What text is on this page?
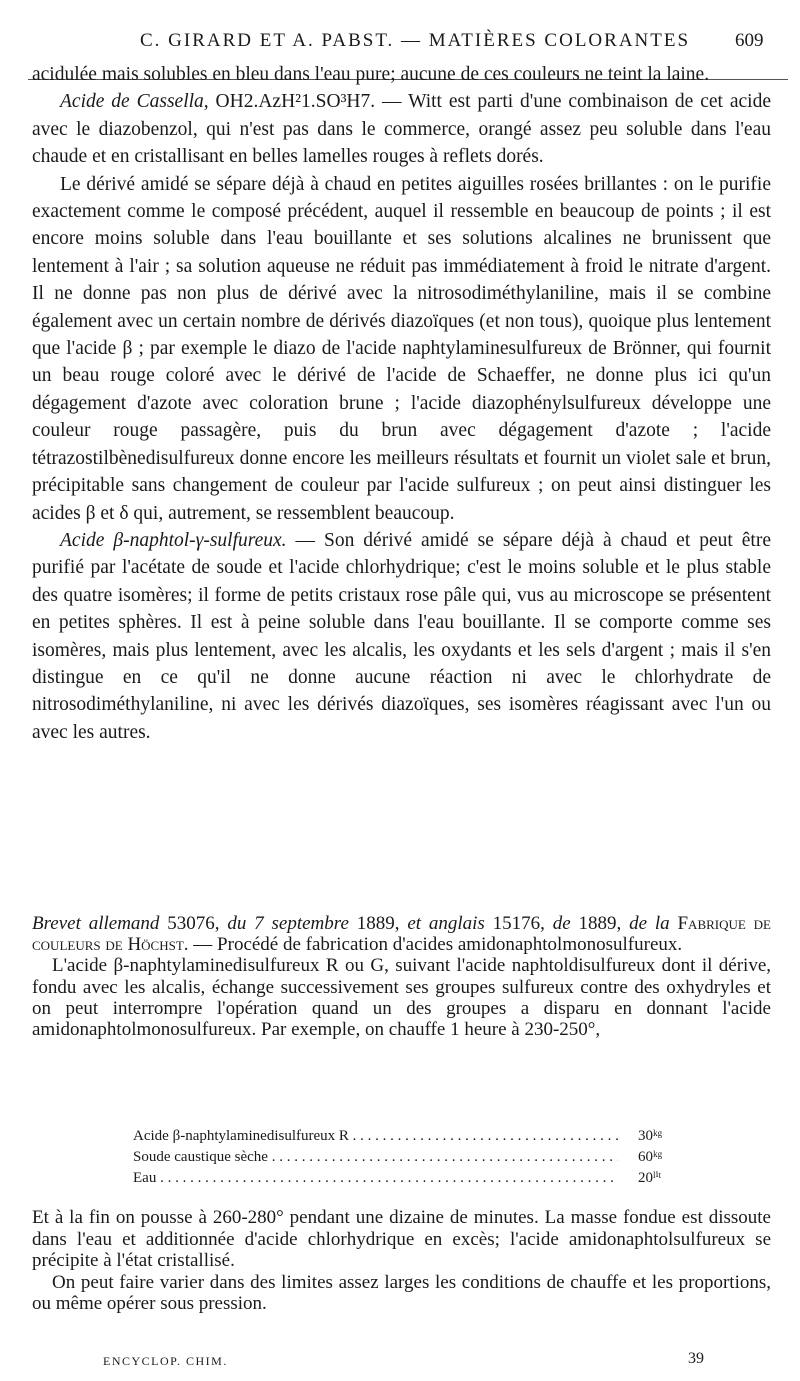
C. GIRARD ET A. PABST. — MATIÈRES COLORANTES 609

acidulée mais solubles en bleu dans l'eau pure; aucune de ces couleurs ne teint la laine.

Acide de Cassella, OH2.AzH²1.SO³H7. — Witt est parti d'une combinaison de cet acide avec le diazobenzol, qui n'est pas dans le commerce, orangé assez peu soluble dans l'eau chaude et en cristallisant en belles lamelles rouges à reflets dorés.

Le dérivé amidé se sépare déjà à chaud en petites aiguilles rosées brillantes : on le purifie exactement comme le composé précédent, auquel il ressemble en beaucoup de points ; il est encore moins soluble dans l'eau bouillante et ses solutions alcalines ne brunissent que lentement à l'air ; sa solution aqueuse ne réduit pas immédiatement à froid le nitrate d'argent. Il ne donne pas non plus de dérivé avec la nitrosodiméthylaniline, mais il se combine également avec un certain nombre de dérivés diazoïques (et non tous), quoique plus lentement que l'acide β ; par exemple le diazo de l'acide naphtylaminesulfureux de Brönner, qui fournit un beau rouge coloré avec le dérivé de l'acide de Schaeffer, ne donne plus ici qu'un dégagement d'azote avec coloration brune ; l'acide diazophénylsulfureux développe une couleur rouge passagère, puis du brun avec dégagement d'azote ; l'acide tétrazostilbènedisulfureux donne encore les meilleurs résultats et fournit un violet sale et brun, précipitable sans changement de couleur par l'acide sulfureux ; on peut ainsi distinguer les acides β et δ qui, autrement, se ressemblent beaucoup.

Acide β-naphtol-γ-sulfureux. — Son dérivé amidé se sépare déjà à chaud et peut être purifié par l'acétate de soude et l'acide chlorhydrique; c'est le moins soluble et le plus stable des quatre isomères; il forme de petits cristaux rose pâle qui, vus au microscope se présentent en petites sphères. Il est à peine soluble dans l'eau bouillante. Il se comporte comme ses isomères, mais plus lentement, avec les alcalis, les oxydants et les sels d'argent ; mais il s'en distingue en ce qu'il ne donne aucune réaction ni avec le chlorhydrate de nitrosodiméthylaniline, ni avec les dérivés diazoïques, ses isomères réagissant avec l'un ou avec les autres.

Brevet allemand 53076, du 7 septembre 1889, et anglais 15176, de 1889, de la Fabrique de couleurs de Höchst. — Procédé de fabrication d'acides amidonaphtolmonosulfureux.

L'acide β-naphtylaminedisulfureux R ou G, suivant l'acide naphtoldisulfureux dont il dérive, fondu avec les alcalis, échange successivement ses groupes sulfureux contre des oxhydryles et on peut interrompre l'opération quand un des groupes a disparu en donnant l'acide amidonaphtolmonosulfureux. Par exemple, on chauffe 1 heure à 230-250°,

Acide β-naphtylaminedisulfureux R . . .	30ᵏᵍ
Soude caustique sèche . . .	60ᵏᵍ
Eau . . .	20ˡⁱᵗ

Et à la fin on pousse à 260-280° pendant une dizaine de minutes. La masse fondue est dissoute dans l'eau et additionnée d'acide chlorhydrique en excès; l'acide amidonaphtolsulfureux se précipite à l'état cristallisé.

On peut faire varier dans des limites assez larges les conditions de chauffe et les proportions, ou même opérer sous pression.

ENCYCLOP. CHIM.	39
